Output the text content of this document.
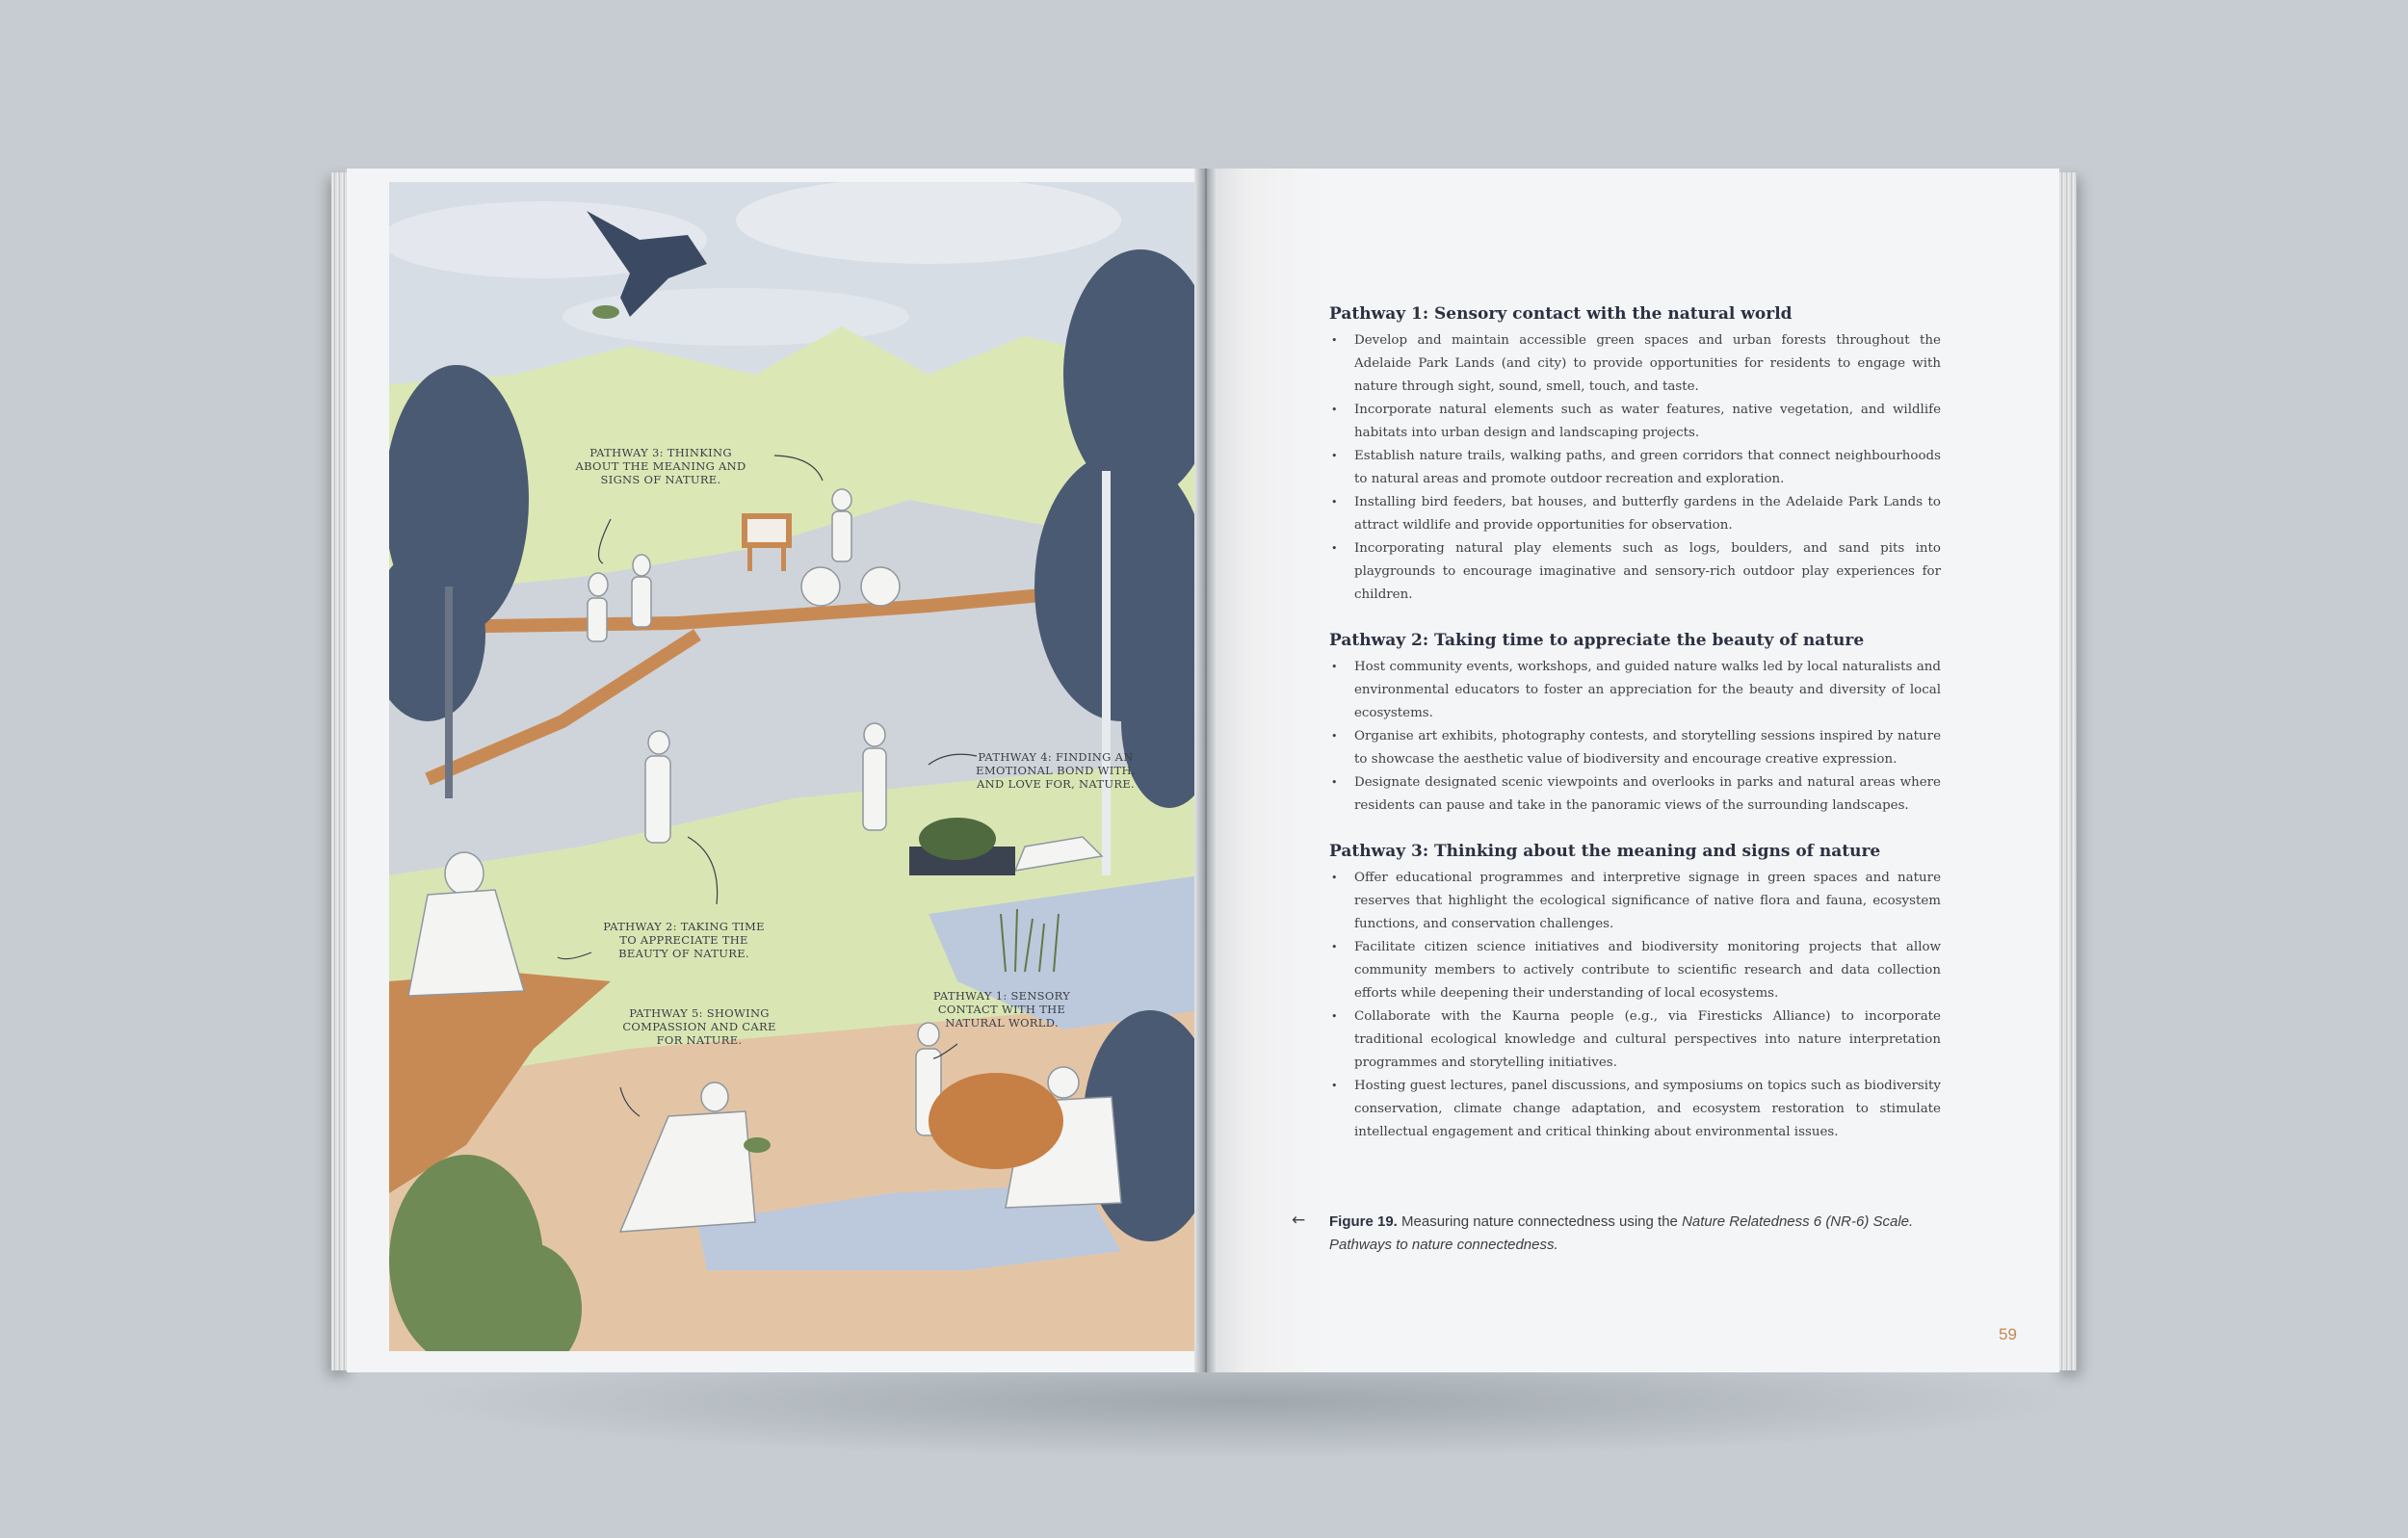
PATHWAY 3: THINKING
ABOUT THE MEANING AND
SIGNS OF NATURE.
PATHWAY 4: FINDING AN
EMOTIONAL BOND WITH,
AND LOVE FOR, NATURE.
PATHWAY 2: TAKING TIME
TO APPRECIATE THE
BEAUTY OF NATURE.
PATHWAY 5: SHOWING
COMPASSION AND CARE
FOR NATURE.
PATHWAY 1: SENSORY
CONTACT WITH THE
NATURAL WORLD.
Pathway 1: Sensory contact with the natural world
• Develop and maintain accessible green spaces and urban forests throughout the Adelaide Park Lands (and city) to provide opportunities for residents to engage with nature through sight, sound, smell, touch, and taste.
• Incorporate natural elements such as water features, native vegetation, and wildlife habitats into urban design and landscaping projects.
• Establish nature trails, walking paths, and green corridors that connect neighbourhoods to natural areas and promote outdoor recreation and exploration.
• Installing bird feeders, bat houses, and butterfly gardens in the Adelaide Park Lands to attract wildlife and provide opportunities for observation.
• Incorporating natural play elements such as logs, boulders, and sand pits into playgrounds to encourage imaginative and sensory-rich outdoor play experiences for children.
Pathway 2: Taking time to appreciate the beauty of nature
• Host community events, workshops, and guided nature walks led by local naturalists and environmental educators to foster an appreciation for the beauty and diversity of local ecosystems.
• Organise art exhibits, photography contests, and storytelling sessions inspired by nature to showcase the aesthetic value of biodiversity and encourage creative expression.
• Designate designated scenic viewpoints and overlooks in parks and natural areas where residents can pause and take in the panoramic views of the surrounding landscapes.
Pathway 3: Thinking about the meaning and signs of nature
• Offer educational programmes and interpretive signage in green spaces and nature reserves that highlight the ecological significance of native flora and fauna, ecosystem functions, and conservation challenges.
• Facilitate citizen science initiatives and biodiversity monitoring projects that allow community members to actively contribute to scientific research and data collection efforts while deepening their understanding of local ecosystems.
• Collaborate with the Kaurna people (e.g., via Firesticks Alliance) to incorporate traditional ecological knowledge and cultural perspectives into nature interpretation programmes and storytelling initiatives.
• Hosting guest lectures, panel discussions, and symposiums on topics such as biodiversity conservation, climate change adaptation, and ecosystem restoration to stimulate intellectual engagement and critical thinking about environmental issues.
← Figure 19. Measuring nature connectedness using the Nature Relatedness 6 (NR-6) Scale.
Pathways to nature connectedness.
59
